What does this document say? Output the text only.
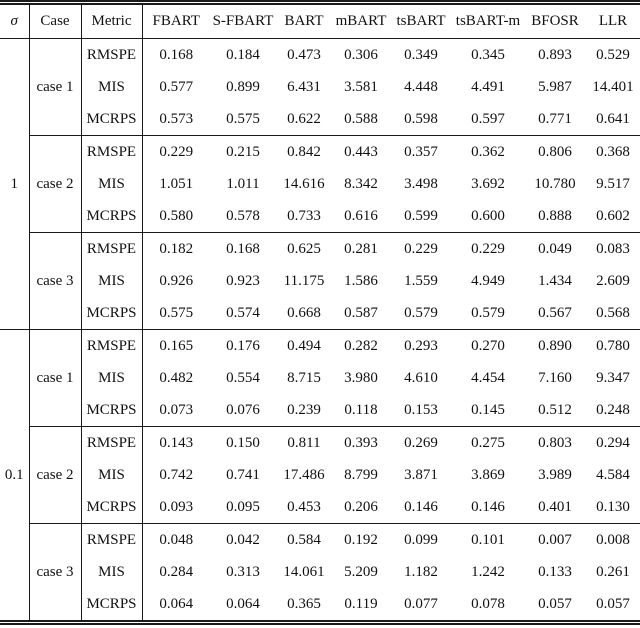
σ	Case	Metric	FBART	S-FBART	BART	mBART	tsBART	tsBART-m	BFOSR	LLR
1	case 1	RMSPE	0.168	0.184	0.473	0.306	0.349	0.345	0.893	0.529
		MIS	0.577	0.899	6.431	3.581	4.448	4.491	5.987	14.401
		MCRPS	0.573	0.575	0.622	0.588	0.598	0.597	0.771	0.641
	case 2	RMSPE	0.229	0.215	0.842	0.443	0.357	0.362	0.806	0.368
		MIS	1.051	1.011	14.616	8.342	3.498	3.692	10.780	9.517
		MCRPS	0.580	0.578	0.733	0.616	0.599	0.600	0.888	0.602
	case 3	RMSPE	0.182	0.168	0.625	0.281	0.229	0.229	0.049	0.083
		MIS	0.926	0.923	11.175	1.586	1.559	4.949	1.434	2.609
		MCRPS	0.575	0.574	0.668	0.587	0.579	0.579	0.567	0.568
0.1	case 1	RMSPE	0.165	0.176	0.494	0.282	0.293	0.270	0.890	0.780
		MIS	0.482	0.554	8.715	3.980	4.610	4.454	7.160	9.347
		MCRPS	0.073	0.076	0.239	0.118	0.153	0.145	0.512	0.248
	case 2	RMSPE	0.143	0.150	0.811	0.393	0.269	0.275	0.803	0.294
		MIS	0.742	0.741	17.486	8.799	3.871	3.869	3.989	4.584
		MCRPS	0.093	0.095	0.453	0.206	0.146	0.146	0.401	0.130
	case 3	RMSPE	0.048	0.042	0.584	0.192	0.099	0.101	0.007	0.008
		MIS	0.284	0.313	14.061	5.209	1.182	1.242	0.133	0.261
		MCRPS	0.064	0.064	0.365	0.119	0.077	0.078	0.057	0.057
